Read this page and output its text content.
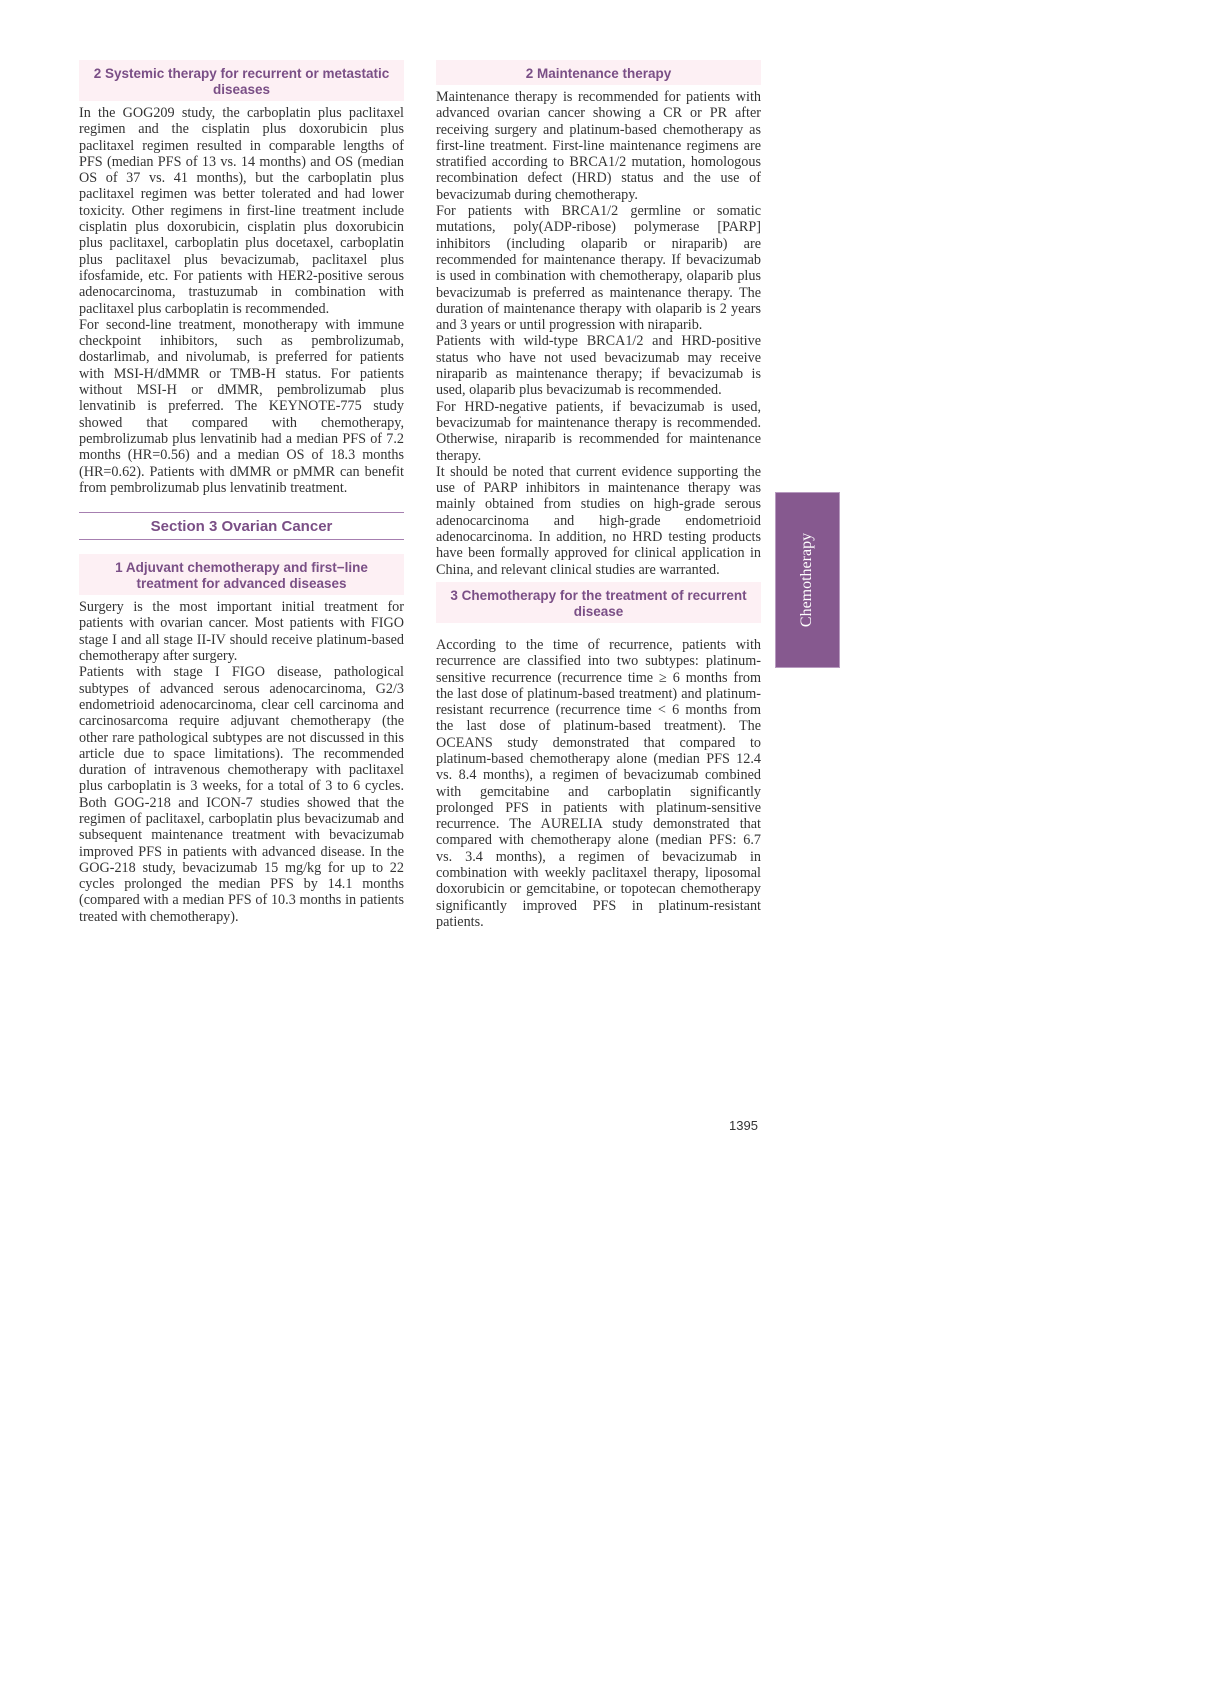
2 Systemic therapy for recurrent or metastatic diseases

In the GOG209 study, the carboplatin plus paclitaxel regimen and the cisplatin plus doxorubicin plus paclitaxel regimen resulted in comparable lengths of PFS (median PFS of 13 vs. 14 months) and OS (median OS of 37 vs. 41 months), but the carboplatin plus paclitaxel regimen was better tolerated and had lower toxicity. Other regimens in first-line treatment include cisplatin plus doxorubicin, cisplatin plus doxorubicin plus paclitaxel, carboplatin plus docetaxel, carboplatin plus paclitaxel plus bevacizumab, paclitaxel plus ifosfamide, etc. For patients with HER2-positive serous adenocarcinoma, trastuzumab in combination with paclitaxel plus carboplatin is recommended.

For second-line treatment, monotherapy with immune checkpoint inhibitors, such as pembrolizumab, dostarlimab, and nivolumab, is preferred for patients with MSI-H/dMMR or TMB-H status. For patients without MSI-H or dMMR, pembrolizumab plus lenvatinib is preferred. The KEYNOTE-775 study showed that compared with chemotherapy, pembrolizumab plus lenvatinib had a median PFS of 7.2 months (HR=0.56) and a median OS of 18.3 months (HR=0.62). Patients with dMMR or pMMR can benefit from pembrolizumab plus lenvatinib treatment.

Section 3 Ovarian Cancer
1 Adjuvant chemotherapy and first−line treatment for advanced diseases

Surgery is the most important initial treatment for patients with ovarian cancer. Most patients with FIGO stage I and all stage II-IV should receive platinum-based chemotherapy after surgery.

Patients with stage I FIGO disease, pathological subtypes of advanced serous adenocarcinoma, G2/3 endometrioid adenocarcinoma, clear cell carcinoma and carcinosarcoma require adjuvant chemotherapy (the other rare pathological subtypes are not discussed in this article due to space limitations). The recommended duration of intravenous chemotherapy with paclitaxel plus carboplatin is 3 weeks, for a total of 3 to 6 cycles. Both GOG-218 and ICON-7 studies showed that the regimen of paclitaxel, carboplatin plus bevacizumab and subsequent maintenance treatment with bevacizumab improved PFS in patients with advanced disease. In the GOG-218 study, bevacizumab 15 mg/kg for up to 22 cycles prolonged the median PFS by 14.1 months (compared with a median PFS of 10.3 months in patients treated with chemotherapy).

2 Maintenance therapy

Maintenance therapy is recommended for patients with advanced ovarian cancer showing a CR or PR after receiving surgery and platinum-based chemotherapy as first-line treatment. First-line maintenance regimens are stratified according to BRCA1/2 mutation, homologous recombination defect (HRD) status and the use of bevacizumab during chemotherapy.

For patients with BRCA1/2 germline or somatic mutations, poly(ADP-ribose) polymerase [PARP] inhibitors (including olaparib or niraparib) are recommended for maintenance therapy. If bevacizumab is used in combination with chemotherapy, olaparib plus bevacizumab is preferred as maintenance therapy. The duration of maintenance therapy with olaparib is 2 years and 3 years or until progression with niraparib.

Patients with wild-type BRCA1/2 and HRD-positive status who have not used bevacizumab may receive niraparib as maintenance therapy; if bevacizumab is used, olaparib plus bevacizumab is recommended.

For HRD-negative patients, if bevacizumab is used, bevacizumab for maintenance therapy is recommended. Otherwise, niraparib is recommended for maintenance therapy.

It should be noted that current evidence supporting the use of PARP inhibitors in maintenance therapy was mainly obtained from studies on high-grade serous adenocarcinoma and high-grade endometrioid adenocarcinoma. In addition, no HRD testing products have been formally approved for clinical application in China, and relevant clinical studies are warranted.

3 Chemotherapy for the treatment of recurrent disease

According to the time of recurrence, patients with recurrence are classified into two subtypes: platinum-sensitive recurrence (recurrence time ≥ 6 months from the last dose of platinum-based treatment) and platinum-resistant recurrence (recurrence time < 6 months from the last dose of platinum-based treatment). The OCEANS study demonstrated that compared to platinum-based chemotherapy alone (median PFS 12.4 vs. 8.4 months), a regimen of bevacizumab combined with gemcitabine and carboplatin significantly prolonged PFS in patients with platinum-sensitive recurrence. The AURELIA study demonstrated that compared with chemotherapy alone (median PFS: 6.7 vs. 3.4 months), a regimen of bevacizumab in combination with weekly paclitaxel therapy, liposomal doxorubicin or gemcitabine, or topotecan chemotherapy significantly improved PFS in platinum-resistant patients.

Chemotherapy
1395
